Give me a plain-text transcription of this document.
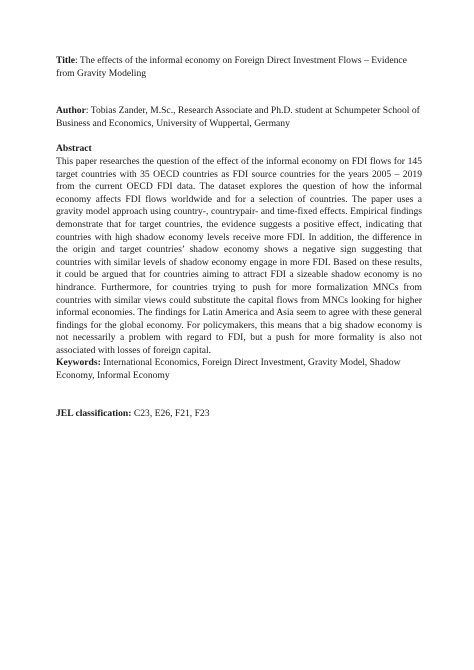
Title: The effects of the informal economy on Foreign Direct Investment Flows – Evidence from Gravity Modeling

Author: Tobias Zander, M.Sc., Research Associate and Ph.D. student at Schumpeter School of Business and Economics, University of Wuppertal, Germany

Abstract

This paper researches the question of the effect of the informal economy on FDI flows for 145 target countries with 35 OECD countries as FDI source countries for the years 2005 – 2019 from the current OECD FDI data. The dataset explores the question of how the informal economy affects FDI flows worldwide and for a selection of countries. The paper uses a gravity model approach using country-, countrypair- and time-fixed effects. Empirical findings demonstrate that for target countries, the evidence suggests a positive effect, indicating that countries with high shadow economy levels receive more FDI. In addition, the difference in the origin and target countries’ shadow economy shows a negative sign suggesting that countries with similar levels of shadow economy engage in more FDI. Based on these results, it could be argued that for countries aiming to attract FDI a sizeable shadow economy is no hindrance. Furthermore, for countries trying to push for more formalization MNCs from countries with similar views could substitute the capital flows from MNCs looking for higher informal economies. The findings for Latin America and Asia seem to agree with these general findings for the global economy. For policymakers, this means that a big shadow economy is not necessarily a problem with regard to FDI, but a push for more formality is also not associated with losses of foreign capital.

Keywords: International Economics, Foreign Direct Investment, Gravity Model, Shadow Economy, Informal Economy

JEL classification: C23, E26, F21, F23
